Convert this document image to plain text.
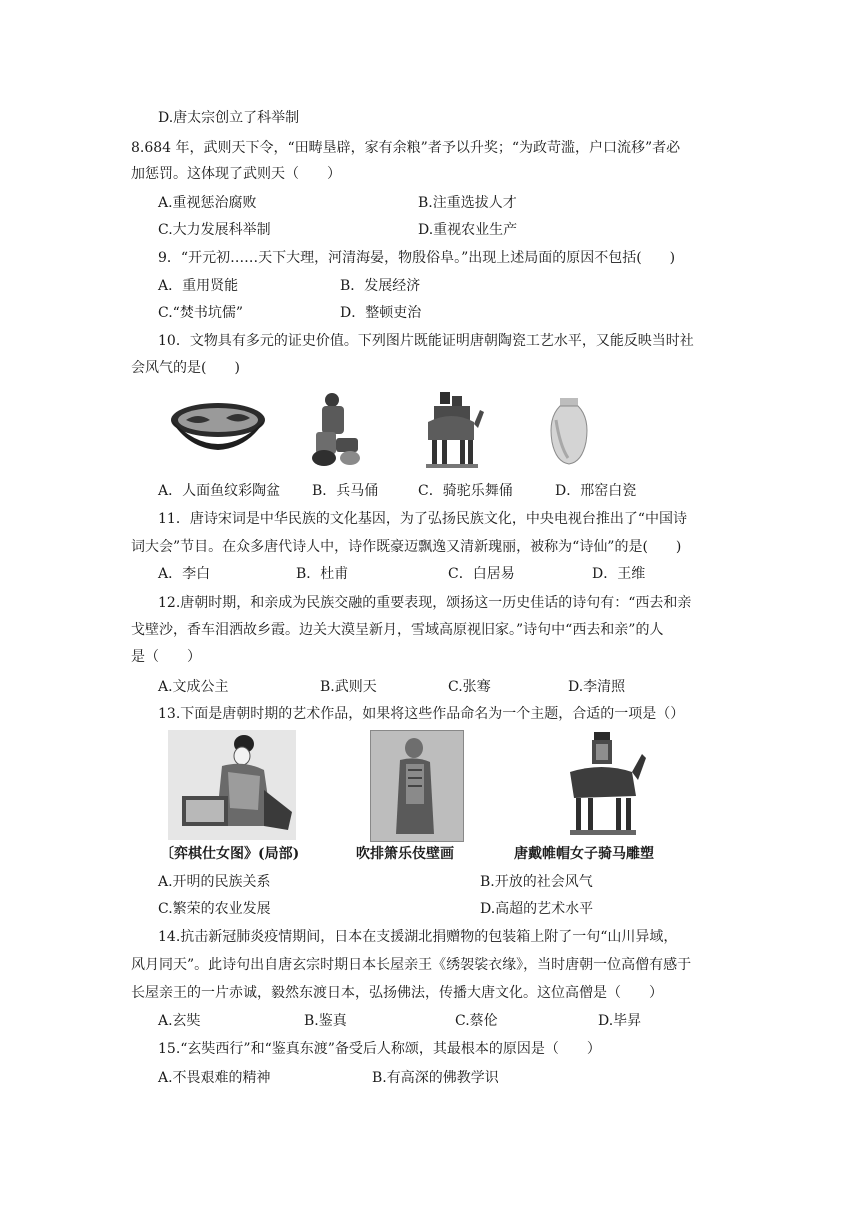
D.唐太宗创立了科举制
8.684 年，武则天下令，“田畴垦辟，家有余粮”者予以升奖；“为政苛滥，户口流移”者必
加惩罚。这体现了武则天（　　）
A.重视惩治腐败	B.注重选拔人才
C.大力发展科举制	D.重视农业生产
9．“开元初……天下大理，河清海晏，物殷俗阜。”出现上述局面的原因不包括(　　)
A．重用贤能	B．发展经济
C.“焚书坑儒”	D．整顿吏治
10．文物具有多元的证史价值。下列图片既能证明唐朝陶瓷工艺水平，又能反映当时社
会风气的是(　　)
A．人面鱼纹彩陶盆 B．兵马俑	C．骑驼乐舞俑	D．邢窑白瓷
11．唐诗宋词是中华民族的文化基因，为了弘扬民族文化，中央电视台推出了“中国诗
词大会”节目。在众多唐代诗人中，诗作既豪迈飘逸又清新瑰丽，被称为“诗仙”的是(　　)
A．李白	B．杜甫	C．白居易	D．王维
12.唐朝时期，和亲成为民族交融的重要表现，颂扬这一历史佳话的诗句有：“西去和亲
戈壁沙，香车泪洒故乡霞。边关大漠呈新月，雪域高原视旧家。”诗句中“西去和亲”的人
是（　　）
A.文成公主	B.武则天	C.张骞	D.李清照
13.下面是唐朝时期的艺术作品，如果将这些作品命名为一个主题，合适的一项是（）
〔弈棋仕女图》(局部)	吹排箫乐伎壁画	唐戴帷帽女子骑马雕塑
A.开明的民族关系	B.开放的社会风气
C.繁荣的农业发展	D.高超的艺术水平
14.抗击新冠肺炎疫情期间，日本在支援湖北捐赠物的包装箱上附了一句“山川异域，
风月同天”。此诗句出自唐玄宗时期日本长屋亲王《绣袈裟衣缘》，当时唐朝一位高僧有感于
长屋亲王的一片赤诚，毅然东渡日本，弘扬佛法，传播大唐文化。这位高僧是（　　）
A.玄奘	B.鉴真	C.蔡伦	D.毕昇
15.“玄奘西行”和“鉴真东渡”备受后人称颂，其最根本的原因是（　　）
A.不畏艰难的精神	B.有高深的佛教学识
